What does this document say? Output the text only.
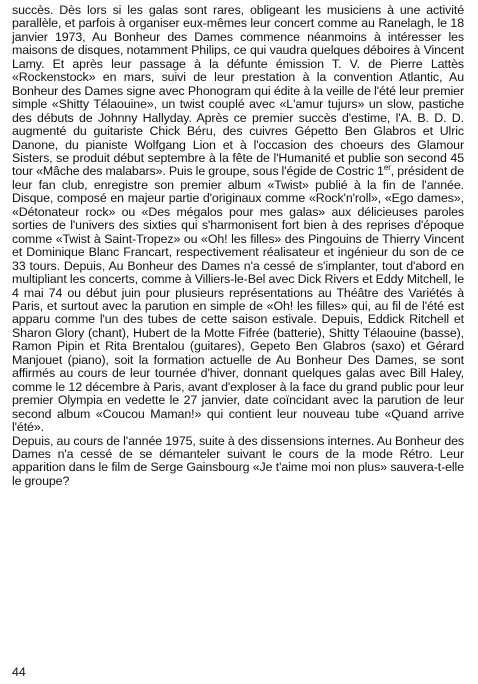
succès. Dès lors si les galas sont rares, obligeant les musiciens à une activité parallèle, et parfois à organiser eux-mêmes leur concert comme au Ranelagh, le 18 janvier 1973, Au Bonheur des Dames commence néanmoins à intéresser les maisons de disques, notamment Philips, ce qui vaudra quelques déboires à Vincent Lamy. Et après leur passage à la défunte émission T. V. de Pierre Lattès «Rockenstock» en mars, suivi de leur prestation à la convention Atlantic, Au Bonheur des Dames signe avec Phonogram qui édite à la veille de l'été leur premier simple «Shitty Télaouine», un twist couplé avec «L'amur tujurs» un slow, pastiche des débuts de Johnny Hallyday. Après ce premier succès d'estime, l'A. B. D. D. augmenté du guitariste Chick Béru, des cuivres Gépetto Ben Glabros et Ulric Danone, du pianiste Wolfgang Lion et à l'occasion des choeurs des Glamour Sisters, se produit début septembre à la fête de l'Humanité et publie son second 45 tour «Mâche des malabars». Puis le groupe, sous l'égide de Costric 1er, président de leur fan club, enregistre son premier album «Twist» publié à la fin de l'année. Disque, composé en majeur partie d'originaux comme «Rock'n'roll», «Ego dames», «Détonateur rock» ou «Des mégalos pour mes galas» aux délicieuses paroles sorties de l'univers des sixties qui s'harmonisent fort bien à des reprises d'époque comme «Twist à Saint-Tropez» ou «Oh! les filles» des Pingouins de Thierry Vincent et Dominique Blanc Francart, respectivement réalisateur et ingénieur du son de ce 33 tours. Depuis, Au Bonheur des Dames n'a cessé de s'implanter, tout d'abord en multipliant les concerts, comme à Villiers-le-Bel avec Dick Rivers et Eddy Mitchell, le 4 mai 74 ou début juin pour plusieurs représentations au Théâtre des Variétés à Paris, et surtout avec la parution en simple de «Oh! les filles» qui, au fil de l'été est apparu comme l'un des tubes de cette saison estivale. Depuis, Eddick Ritchell et Sharon Glory (chant), Hubert de la Motte Fifrée (batterie), Shitty Télaouine (basse), Ramon Pipin et Rita Brentalou (guitares), Gepeto Ben Glabros (saxo) et Gérard Manjouet (piano), soit la formation actuelle de Au Bonheur Des Dames, se sont affirmés au cours de leur tournée d'hiver, donnant quelques galas avec Bill Haley, comme le 12 décembre à Paris, avant d'exploser à la face du grand public pour leur premier Olympia en vedette le 27 janvier, date coïncidant avec la parution de leur second album «Coucou Maman!» qui contient leur nouveau tube «Quand arrive l'été».

Depuis, au cours de l'année 1975, suite à des dissensions internes. Au Bonheur des Dames n'a cessé de se démanteler suivant le cours de la mode Rétro. Leur apparition dans le film de Serge Gainsbourg «Je t'aime moi non plus» sauvera-t-elle le groupe?

44
